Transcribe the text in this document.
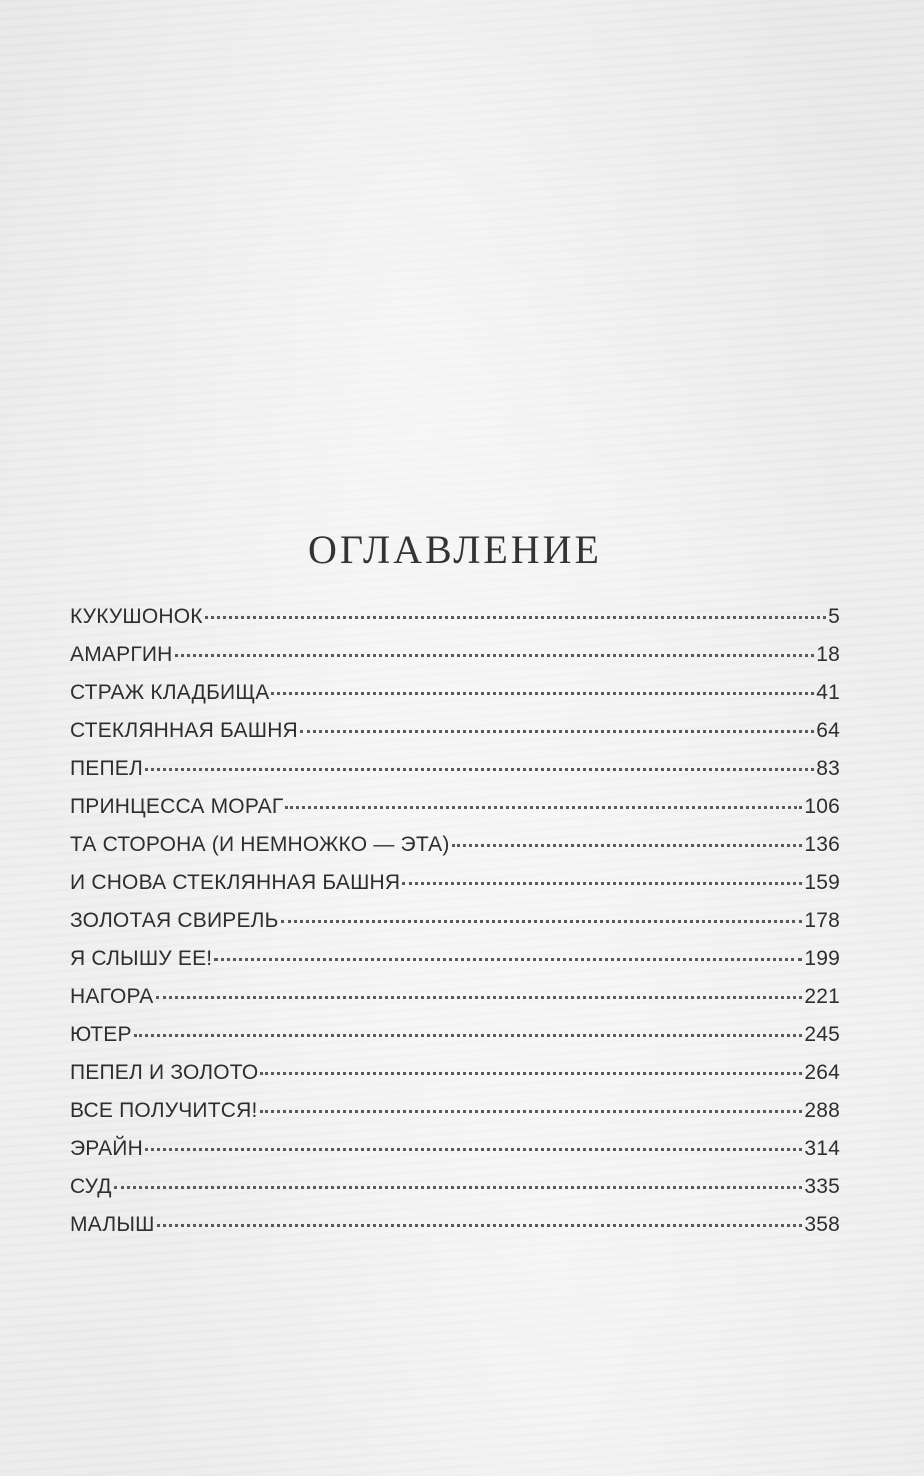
ОГЛАВЛЕНИЕ
КУКУШОНОК	5
АМАРГИН	18
СТРАЖ КЛАДБИЩА	41
СТЕКЛЯННАЯ БАШНЯ	64
ПЕПЕЛ	83
ПРИНЦЕССА МОРАГ	106
ТА СТОРОНА (И НЕМНОЖКО — ЭТА)	136
И СНОВА СТЕКЛЯННАЯ БАШНЯ	159
ЗОЛОТАЯ СВИРЕЛЬ	178
Я СЛЫШУ ЕЕ!	199
НАГОРА	221
ЮТЕР	245
ПЕПЕЛ И ЗОЛОТО	264
ВСЕ ПОЛУЧИТСЯ!	288
ЭРАЙН	314
СУД	335
МАЛЫШ	358
